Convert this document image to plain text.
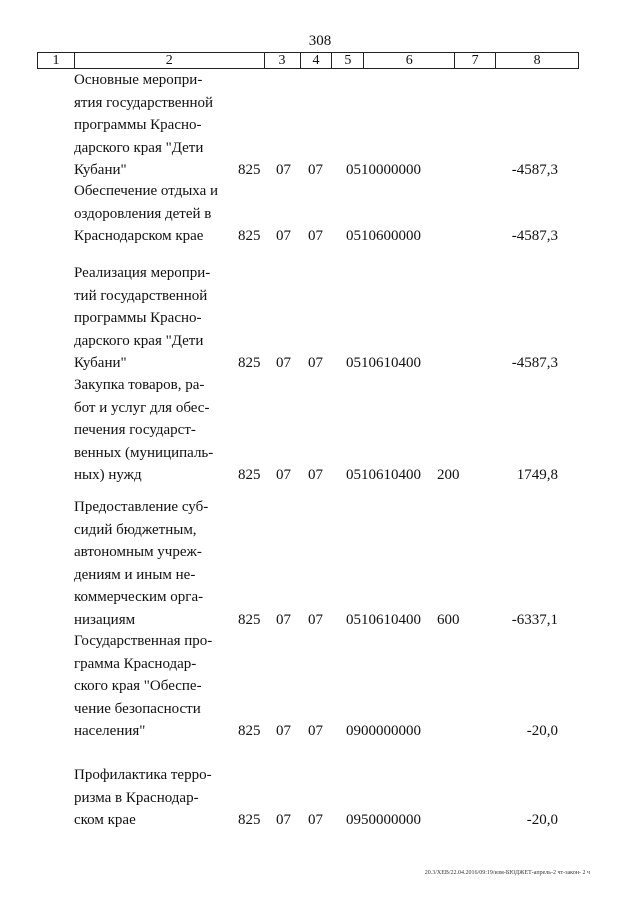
308
1	2	3	4	5	6	7	8
Основные меропри-
ятия государственной
программы Красно-
дарского края "Дети
Кубани"	825 07 07 0510000000	-4587,3
Обеспечение отдыха и
оздоровления детей в
Краснодарском крае	825 07 07 0510600000	-4587,3
Реализация меропри-
тий государственной
программы Красно-
дарского края "Дети
Кубани"	825 07 07 0510610400	-4587,3
Закупка товаров, ра-
бот и услуг для обес-
печения государст-
венных (муниципаль-
ных) нужд	825 07 07 0510610400 200	1749,8
Предоставление суб-
сидий бюджетным,
автономным учреж-
дениям и иным не-
коммерческим орга-
низациям	825 07 07 0510610400 600	-6337,1
Государственная про-
грамма Краснодар-
ского края "Обеспе-
чение безопасности
населения"	825 07 07 0900000000	-20,0
Профилактика терро-
ризма в Краснодар-
ском крае	825 07 07 0950000000	-20,0
20.3/ХЕВ/22.04.2016/09:19/изм-БЮДЖЕТ-апрель-2 чт-закон- 2 ч
